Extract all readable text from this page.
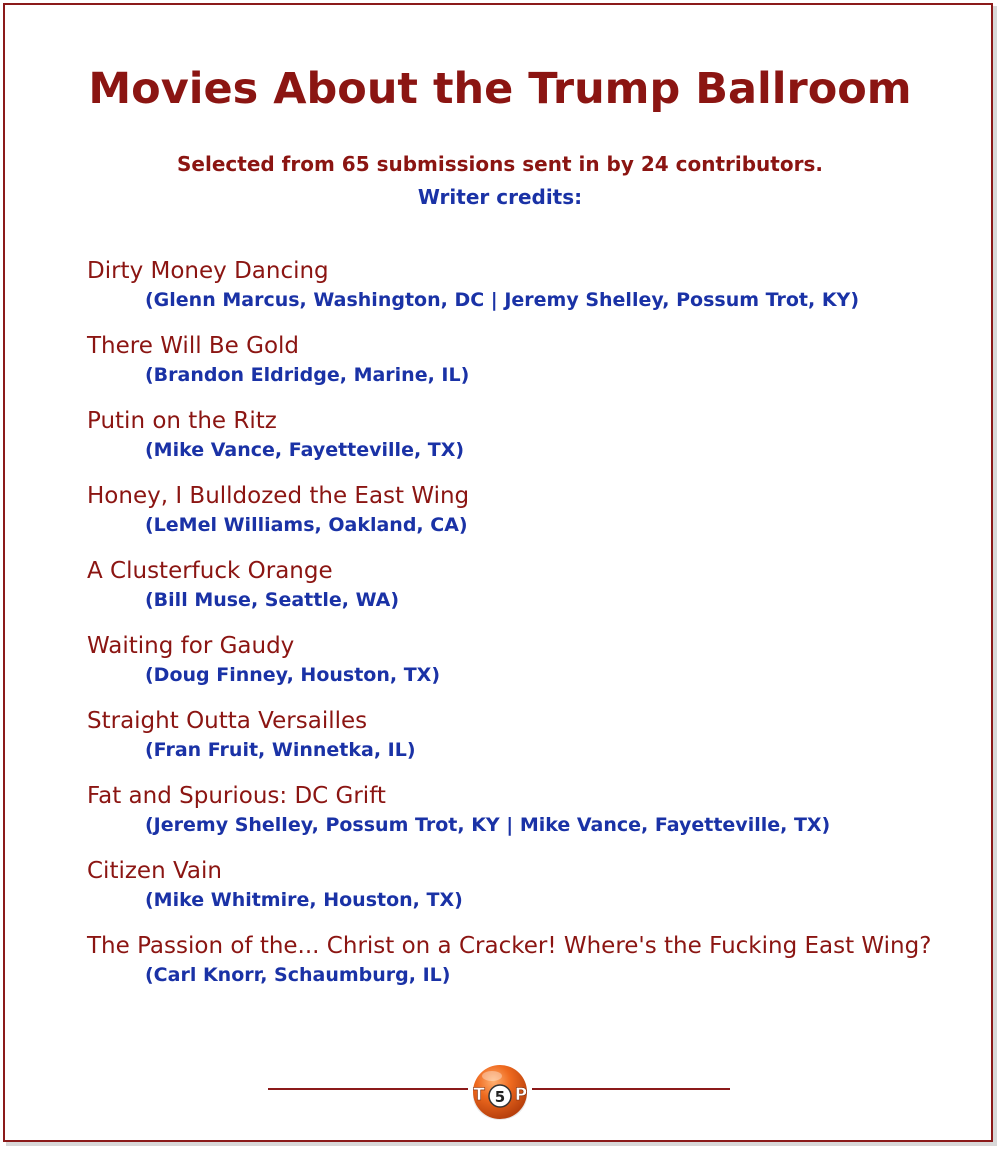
Movies About the Trump Ballroom
Selected from 65 submissions sent in by 24 contributors.
Writer credits:
Dirty Money Dancing
(Glenn Marcus, Washington, DC | Jeremy Shelley, Possum Trot, KY)
There Will Be Gold
(Brandon Eldridge, Marine, IL)
Putin on the Ritz
(Mike Vance, Fayetteville, TX)
Honey, I Bulldozed the East Wing
(LeMel Williams, Oakland, CA)
A Clusterfuck Orange
(Bill Muse, Seattle, WA)
Waiting for Gaudy
(Doug Finney, Houston, TX)
Straight Outta Versailles
(Fran Fruit, Winnetka, IL)
Fat and Spurious: DC Grift
(Jeremy Shelley, Possum Trot, KY | Mike Vance, Fayetteville, TX)
Citizen Vain
(Mike Whitmire, Houston, TX)
The Passion of the... Christ on a Cracker! Where's the Fucking East Wing?
(Carl Knorr, Schaumburg, IL)
5
T P
